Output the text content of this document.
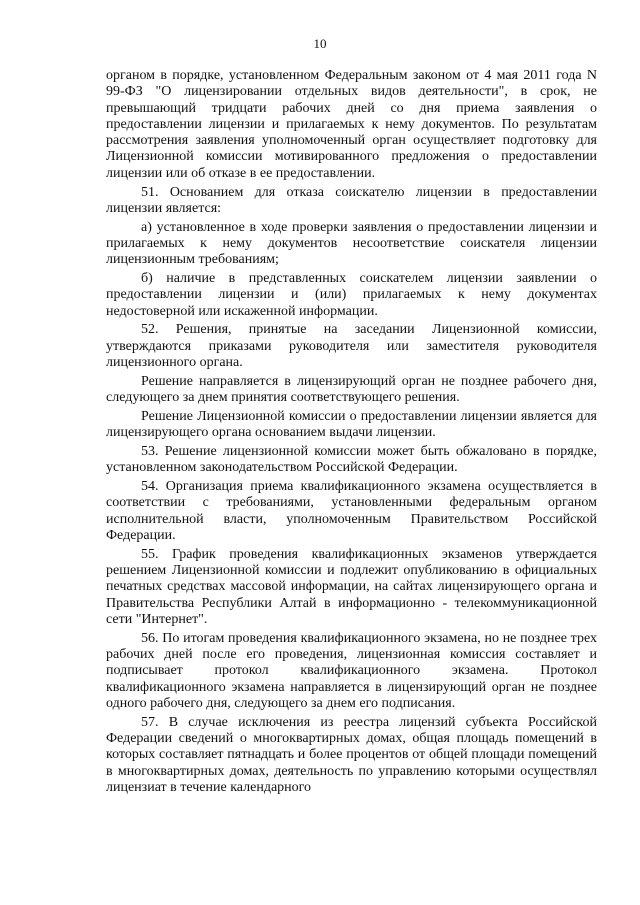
10

органом в порядке, установленном Федеральным законом от 4 мая 2011 года N 99-ФЗ "О лицензировании отдельных видов деятельности", в срок, не превышающий тридцати рабочих дней со дня приема заявления о предоставлении лицензии и прилагаемых к нему документов. По результатам рассмотрения заявления уполномоченный орган осуществляет подготовку для Лицензионной комиссии мотивированного предложения о предоставлении лицензии или об отказе в ее предоставлении.

51. Основанием для отказа соискателю лицензии в предоставлении лицензии является:

а) установленное в ходе проверки заявления о предоставлении лицензии и прилагаемых к нему документов несоответствие соискателя лицензии лицензионным требованиям;

б) наличие в представленных соискателем лицензии заявлении о предоставлении лицензии и (или) прилагаемых к нему документах недостоверной или искаженной информации.

52. Решения, принятые на заседании Лицензионной комиссии, утверждаются приказами руководителя или заместителя руководителя лицензионного органа.

Решение направляется в лицензирующий орган не позднее рабочего дня, следующего за днем принятия соответствующего решения.

Решение Лицензионной комиссии о предоставлении лицензии является для лицензирующего органа основанием выдачи лицензии.

53. Решение лицензионной комиссии может быть обжаловано в порядке, установленном законодательством Российской Федерации.

54. Организация приема квалификационного экзамена осуществляется в соответствии с требованиями, установленными федеральным органом исполнительной власти, уполномоченным Правительством Российской Федерации.

55. График проведения квалификационных экзаменов утверждается решением Лицензионной комиссии и подлежит опубликованию в официальных печатных средствах массовой информации, на сайтах лицензирующего органа и Правительства Республики Алтай в информационно - телекоммуникационной сети "Интернет".

56. По итогам проведения квалификационного экзамена, но не позднее трех рабочих дней после его проведения, лицензионная комиссия составляет и подписывает протокол квалификационного экзамена. Протокол квалификационного экзамена направляется в лицензирующий орган не позднее одного рабочего дня, следующего за днем его подписания.

57. В случае исключения из реестра лицензий субъекта Российской Федерации сведений о многоквартирных домах, общая площадь помещений в которых составляет пятнадцать и более процентов от общей площади помещений в многоквартирных домах, деятельность по управлению которыми осуществлял лицензиат в течение календарного
